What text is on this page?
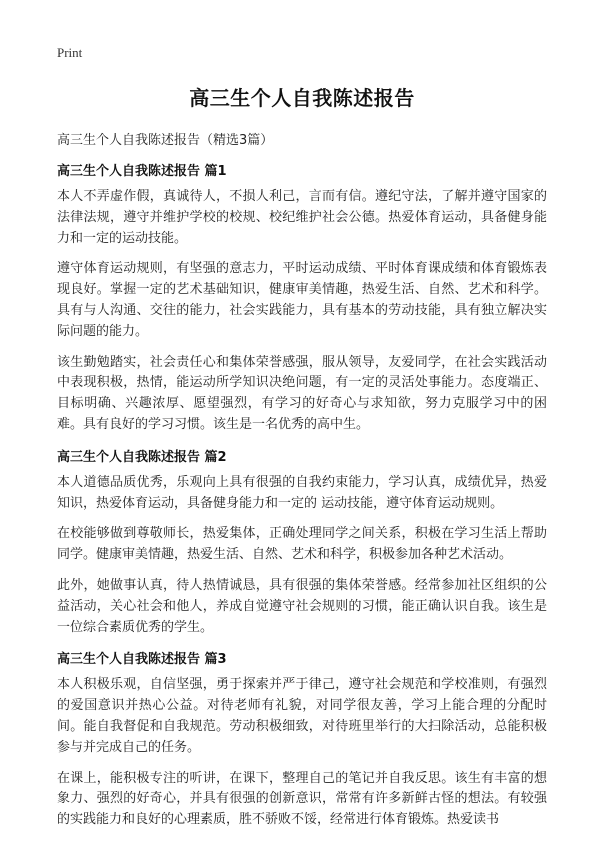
Print
高三生个人自我陈述报告
高三生个人自我陈述报告（精选3篇）
高三生个人自我陈述报告 篇1

本人不弄虚作假，真诚待人，不损人利己，言而有信。遵纪守法，了解并遵守国家的法律法规，遵守并维护学校的校规、校纪维护社会公德。热爱体育运动，具备健身能力和一定的运动技能。

遵守体育运动规则，有坚强的意志力，平时运动成绩、平时体育课成绩和体育锻炼表现良好。掌握一定的艺术基础知识，健康审美情趣，热爱生活、自然、艺术和科学。具有与人沟通、交往的能力，社会实践能力，具有基本的劳动技能，具有独立解决实际问题的能力。

该生勤勉踏实，社会责任心和集体荣誉感强，服从领导，友爱同学，在社会实践活动中表现积极，热情，能运动所学知识决绝问题，有一定的灵活处事能力。态度端正、目标明确、兴趣浓厚、愿望强烈，有学习的好奇心与求知欲，努力克服学习中的困难。具有良好的学习习惯。该生是一名优秀的高中生。

高三生个人自我陈述报告 篇2

本人道德品质优秀，乐观向上具有很强的自我约束能力，学习认真，成绩优异，热爱知识，热爱体育运动，具备健身能力和一定的 运动技能，遵守体育运动规则。

在校能够做到尊敬师长，热爱集体，正确处理同学之间关系，积极在学习生活上帮助同学。健康审美情趣，热爱生活、自然、艺术和科学，积极参加各种艺术活动。

此外，她做事认真，待人热情诚恳，具有很强的集体荣誉感。经常参加社区组织的公益活动，关心社会和他人，养成自觉遵守社会规则的习惯，能正确认识自我。该生是一位综合素质优秀的学生。

高三生个人自我陈述报告 篇3

本人积极乐观，自信坚强，勇于探索并严于律己，遵守社会规范和学校准则，有强烈的爱国意识并热心公益。对待老师有礼貌，对同学很友善，学习上能合理的分配时间。能自我督促和自我规范。劳动积极细致，对待班里举行的大扫除活动，总能积极参与并完成自己的任务。

在课上，能积极专注的听讲，在课下，整理自己的笔记并自我反思。该生有丰富的想象力、强烈的好奇心，并具有很强的创新意识，常常有许多新鲜古怪的想法。有较强的实践能力和良好的心理素质，胜不骄败不馁，经常进行体育锻炼。热爱读书
